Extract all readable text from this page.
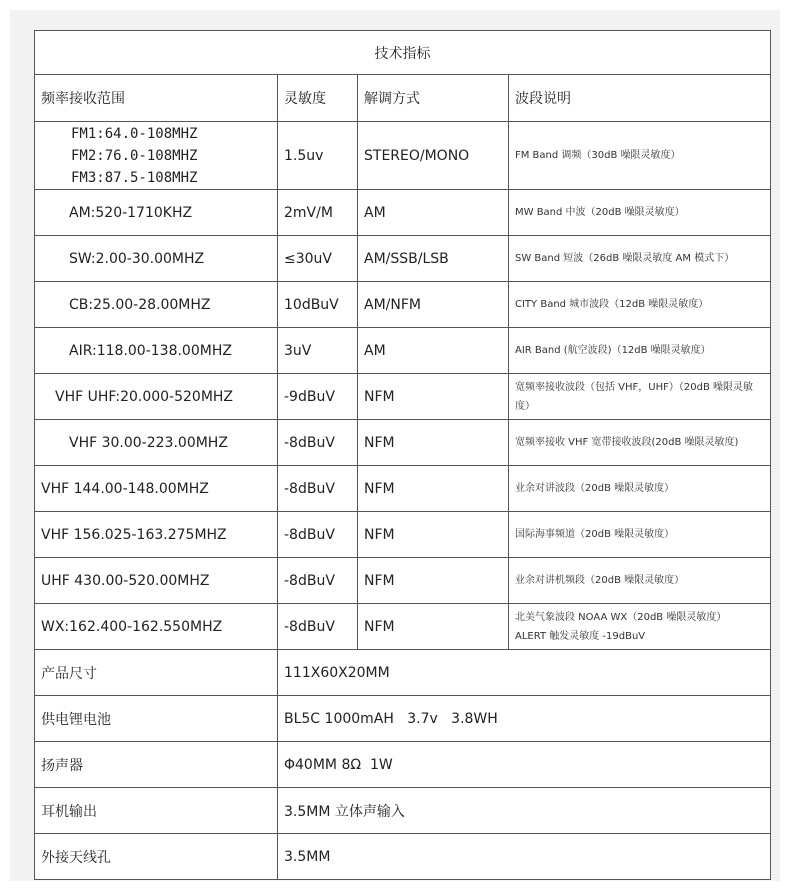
技术指标			
频率接收范围	灵敏度	解调方式	波段说明

FM1:64.0-108MHZ
FM2:76.0-108MHZ
FM3:87.5-108MHZ	1.5uv	STEREO/MONO	FM Band 调频（30dB 噪限灵敏度）
AM:520-1710KHZ	2mV/M	AM	MW Band 中波（20dB 噪限灵敏度）
SW:2.00-30.00MHZ	≤30uV	AM/SSB/LSB	SW Band 短波（26dB 噪限灵敏度 AM 模式下）
CB:25.00-28.00MHZ	10dBuV	AM/NFM	CITY Band 城市波段（12dB 噪限灵敏度）
AIR:118.00-138.00MHZ	3uV	AM	AIR Band (航空波段)（12dB 噪限灵敏度）
VHF UHF:20.000-520MHZ	-9dBuV	NFM	宽频率接收波段（包括 VHF，UHF）（20dB 噪限灵敏度）
VHF 30.00-223.00MHZ	-8dBuV	NFM	宽频率接收 VHF 宽带接收波段(20dB 噪限灵敏度)
VHF 144.00-148.00MHZ	-8dBuV	NFM	业余对讲波段（20dB 噪限灵敏度）
VHF 156.025-163.275MHZ	-8dBuV	NFM	国际海事频道（20dB 噪限灵敏度）
UHF 430.00-520.00MHZ	-8dBuV	NFM	业余对讲机频段（20dB 噪限灵敏度）
WX:162.400-162.550MHZ	-8dBuV	NFM	北美气象波段 NOAA WX（20dB 噪限灵敏度）
ALERT 触发灵敏度 -19dBuV

产品尺寸	111X60X20MM		
供电锂电池	BL5C 1000mAH   3.7v   3.8WH		
扬声器	Φ40MM 8Ω  1W		
耳机输出	3.5MM 立体声输入		
外接天线孔	3.5MM		
